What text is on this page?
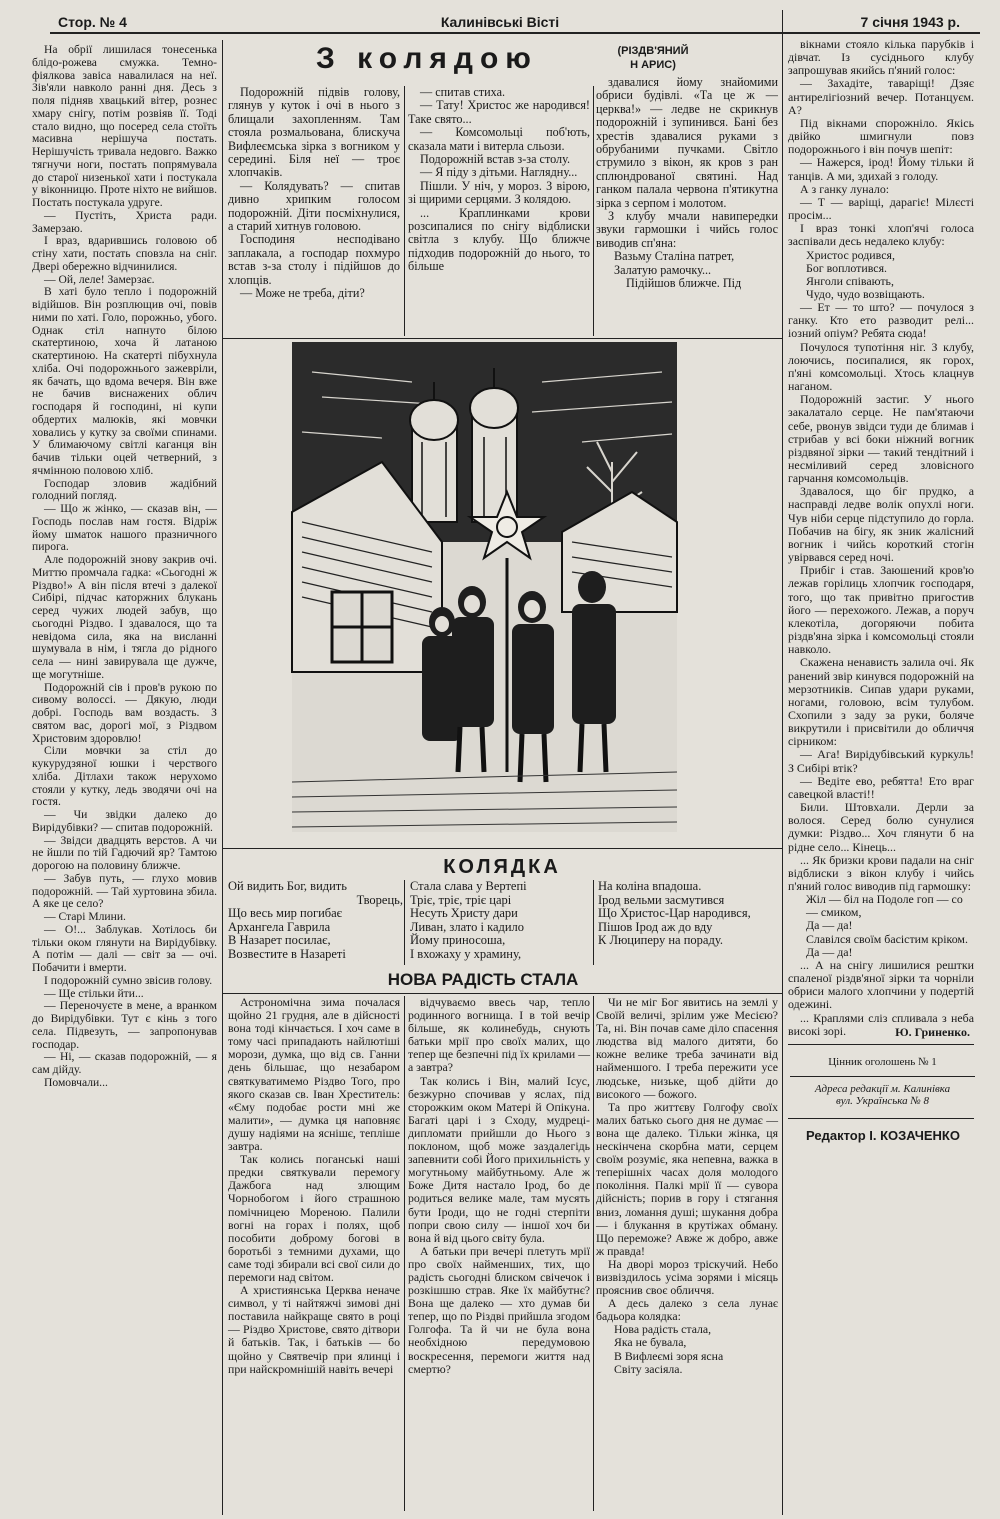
Стор. № 4	Калинівські Вісті	7 січня 1943 р.
З колядою	(РІЗДВ'ЯНИЙ
Н АРИС)

На обрії лишилася тонесенька блідо-рожева смужка. Темно-фіялкова завіса навалилася на неї. Зів'яли навколо ранні дня. Десь з поля підняв хвацький вітер, рознес хмару снігу, потім розвіяв її. Тоді стало видно, що посеред села стоїть масивна нерішуча постать. Нерішучість тривала недовго. Важко тягнучи ноги, постать попрямувала до старої низенької хати і постукала у віконницю. Проте ніхто не вийшов. Постать постукала удруге.

— Пустіть, Христа ради. Замерзаю.

І враз, вдарившись головою об стіну хати, постать сповзла на сніг. Двері обережно відчинилися.

— Ой, леле! Замерзає.

В хаті було тепло і подорожній відійшов. Він розплющив очі, повів ними по хаті. Голо, порожньо, убого. Однак стіл напнуто білою скатертиною, хоча й латаною скатертиною. На скатерті пібухнула хліба. Очі подорожнього зажевріли, як бачать, що вдома вечеря. Він вже не бачив виснажених облич господаря й господині, ні купи обдертих малюків, які мовчки ховались у кутку за своїми спинами. У блимаючому світлі каганця він бачив тільки оцей четверний, з ячмінною половою хліб.

Господар зловив жадібний голодний погляд.

— Що ж жінко, — сказав він, — Господь послав нам гостя. Відріж йому шматок нашого празничного пирога.

Але подорожній знову закрив очі. Миттю промчала гадка: «Сьогодні ж Різдво!» А він після втечі з далекої Сибірі, підчас каторжних блукань серед чужих людей забув, що сьогодні Різдво. І здавалося, що та невідома сила, яка на висланні шумувала в нім, і тягла до рідного села — нині завирувала ще дужче, ще могутніше.

Подорожній сів і пров'в рукою по сивому волоссі. — Дякую, люди добрі. Господь вам воздасть. З святом вас, дорогі мої, з Різдвом Христовим здоровлю!

Сіли мовчки за стіл до кукурудзяної юшки і черствого хліба. Дітлахи також нерухомо стояли у кутку, ледь зводячи очі на гостя.

— Чи звідки далеко до Вирідубівки? — спитав подорожній.

— Звідси двадцять верстов. А чи не йшли по тій Гадючий яр? Тамтою дорогою на половину ближче.

— Забув путь, — глухо мовив подорожній. — Тай хуртовина збила. А яке це село?

— Старі Млини.

— О!... Заблукав. Хотілось би тільки оком глянути на Вирідубівку. А потім — далі — світ за — очі. Побачити і вмерти.

І подорожній сумно звісив голову.

— Ще стільки йти...

— Переночуєте в мене, а вранком до Вирідубівки. Тут є кінь з того села. Підвезуть, — запропонував господар.

— Ні, — сказав подорожній, — я сам дійду.

Помовчали...

Подорожній підвів голову, глянув у куток і очі в нього з блищали захопленням. Там стояла розмальована, блискуча Вифлеємська зірка з вогником у середині. Біля неї — троє хлопчаків.

— Колядувать? — спитав дивно хрипким голосом подорожній. Діти посміхнулися, а старий хитнув головою.

Господиня несподівано заплакала, а господар похмуро встав з-за столу і підійшов до хлопців.

— Може не треба, діти?

— спитав стиха.

— Тату! Христос же народився! Таке свято...

— Комсомольці поб'ють, сказала мати і витерла сльози.

Подорожній встав з-за столу.

— Я піду з дітьми. Наглядну...

Пішли. У ніч, у мороз. З вірою, зі щирими серцями. З колядою.

... Краплинками крови розсипалися по снігу відблиски світла з клубу. Що ближче підходив подорожній до нього, то більше

здавалися йому знайомими обриси будівлі. «Та це ж — церква!» — ледве не скрикнув подорожній і зупинився. Бані без хрестів здавалися руками з обрубаними пучками. Світло струмило з вікон, як кров з ран сплюндрованої святині. Над ганком палала червона п'ятикутна зірка з серпом і молотом.

З клубу мчали навипередки звуки гармошки і чийсь голос виводив сп'яна:

Вазьму Сталіна патрет,

Залатую рамочку...

Підійшов ближче. Під

КОЛЯДКА

Ой видить Бог, видить

Творець,

Що весь мир погибає

Архангела Гаврила

В Назарет посилає,

Возвестите в Назареті

Стала слава у Вертепі

Тріє, тріє, тріє царі

Несуть Христу дари

Ливан, злато і кадило

Йому приносоша,

І вхожаху у храмину,

На коліна впадоша.

Ірод вельми засмутився

Що Христос-Цар народився,

Пішов Ірод аж до вду

К Люциперу на пораду.

НОВА РАДІСТЬ СТАЛА

Астрономічна зима почалася щойно 21 грудня, але в дійсності вона тоді кінчається. І хоч саме в тому часі припадають найлютіші морози, думка, що від св. Ганни день більшає, що незабаром святкуватимемо Різдво Того, про якого сказав св. Іван Хреститель: «Єму подобає рости мні же малити», — думка ця наповняє душу надіями на яснішє, тепліше завтра.

Так колись поганські наші предки святкували перемогу Дажбога над злющим Чорнобогом і його страшною помічницею Мореною. Палили вогні на горах і полях, щоб пособити доброму богові в боротьбі з темними духами, що саме тоді збирали всі свої сили до перемоги над світом.

А християнська Церква неначе символ, у ті найтяжчі зимові дні поставила найкраще свято в році — Різдво Христове, свято дітвори й батьків. Так, і батьків — бо щойно у Святвечір при ялинці і при найскромнішій навіть вечері

відчуваємо ввесь чар, тепло родинного вогнища. І в той вечір більше, як колинебудь, снують батьки мрії про своїх малих, що тепер ще безпечні під їх крилами — а завтра?

Так колись і Він, малий Ісус, безжурно спочивав у яслах, під сторожким оком Матері й Опікуна. Багаті царі і з Сходу, мудреці-дипломати прийшли до Нього з поклоном, щоб може заздалегідь запевнити собі Його прихильність у могутньому майбутньому. Але ж Боже Дитя настало Ірод, бо де родиться велике мале, там мусять бути Іроди, що не годні стерпіти попри свою силу — іншої хоч би вона й від цього світу була.

А батьки при вечері плетуть мрії про своїх найменших, тих, що радість сьогодні блиском свічечок і розкішшю страв. Яке їх майбутнє? Вона ще далеко — хто думав би тепер, що по Різдві прийшла згодом Голгофа. Та й чи не була вона необхідною передумовою воскресення, перемоги життя над смертю?

Чи не міг Бог явитись на землі у Своїй величі, зрілим уже Месією? Та, ні. Він почав саме діло спасення людства від малого дитяти, бо кожне велике треба зачинати від найменшого. І треба пережити усе людське, низьке, щоб дійти до високого — божого.

Та про життєву Голгофу своїх малих батько сього дня не думає — вона ще далеко. Тільки жінка, ця нескінчена скорбна мати, серцем своїм розуміє, яка непевна, важка в теперішніх часах доля молодого покоління. Палкі мрії її — сувора дійсність; порив в гору і стягання вниз, ломання душі; шукання добра — і блукання в крутіжах обману. Що переможе? Авже ж добро, авже ж правда!

На дворі мороз тріскучий. Небо визвіздилось усіма зорями і місяць прояснив своє обличчя.

А десь далеко з села лунає бадьора колядка:

Нова радість стала,

Яка не бувала,

В Вифлеємі зоря ясна

Світу засіяла.

вікнами стояло кілька парубків і дівчат. Із сусіднього клубу запрошував якийсь п'яний голос:

— Захадіте, таваріщі! Дзяє антирелігіозний вечер. Потанцуєм. А?

Під вікнами спорожніло. Якісь двійко шмигнули повз подорожнього і він почув шепіт:

— Нажерся, ірод! Йому тільки й танців. А ми, здихай з голоду.

А з ганку лунало:

— Т — варіщі, дарагіє! Мілєсті просім...

І враз тонкі хлоп'ячі голоса заспівали десь недалеко клубу:

Христос родився,

Бог воплотився.

Янголи співають,

Чудо, чудо возвіщають.

— Ет — то што? — почулося з ганку. Кто ето разводит релі... іозний опіум? Ребята сюда!

Почулося тупотіння ніг. З клубу, лоючись, посипалися, як горох, п'яні комсомольці. Хтось клацнув наганом.

Подорожній застиг. У нього закалатало серце. Не пам'ятаючи себе, рвонув звідси туди де блимав і стрибав у всі боки ніжний вогник різдвяної зірки — такий тендітний і несміливий серед зловісного гарчання комсомольців.

Здавалося, що біг прудко, а насправді ледве волік опухлі ноги. Чув ніби серце підступило до горла. Побачив на бігу, як зник жалісний вогник і чийсь короткий стогін увірвався серед ночі.

Прибіг і став. Заюшений кров'ю лежав горілиць хлопчик господаря, того, що так привітно пригостив його — перехожого. Лежав, а поруч клекотіла, догоряючи побита різдв'яна зірка і комсомольці стояли навколо.

Скажена ненависть залила очі. Як ранений звір кинувся подорожній на мерзотників. Сипав удари руками, ногами, головою, всім тулубом. Схопили з заду за руки, боляче викрутили і присвітили до обличчя сірником:

— Ага! Вирідубівський куркуль! З Сибірі втік?

— Ведіте ево, ребятта! Ето враг савецкой власті!!

Били. Штовхали. Дерли за волося. Серед болю сунулися думки: Різдво... Хоч глянути б на рідне село... Кінець...

... Як бризки крови падали на сніг відблиски з вікон клубу і чийсь п'яний голос виводив під гармошку:

Жіл — біл на Подоле гоп — со — смиком,

Да — да!

Славілся своїм басістим кріком.

Да — да!

... А на снігу лишилися рештки спаленої різдв'яної зірки та чорніли обриси малого хлопчини у подертій одежині.

... Краплями сліз спливала з неба високі зорі.	Ю. Гриненко.
Цінник оголошень № 1
Адреса редакції м. Калинівка
вул. Українська № 8
Редактор І. КОЗАЧЕНКО
